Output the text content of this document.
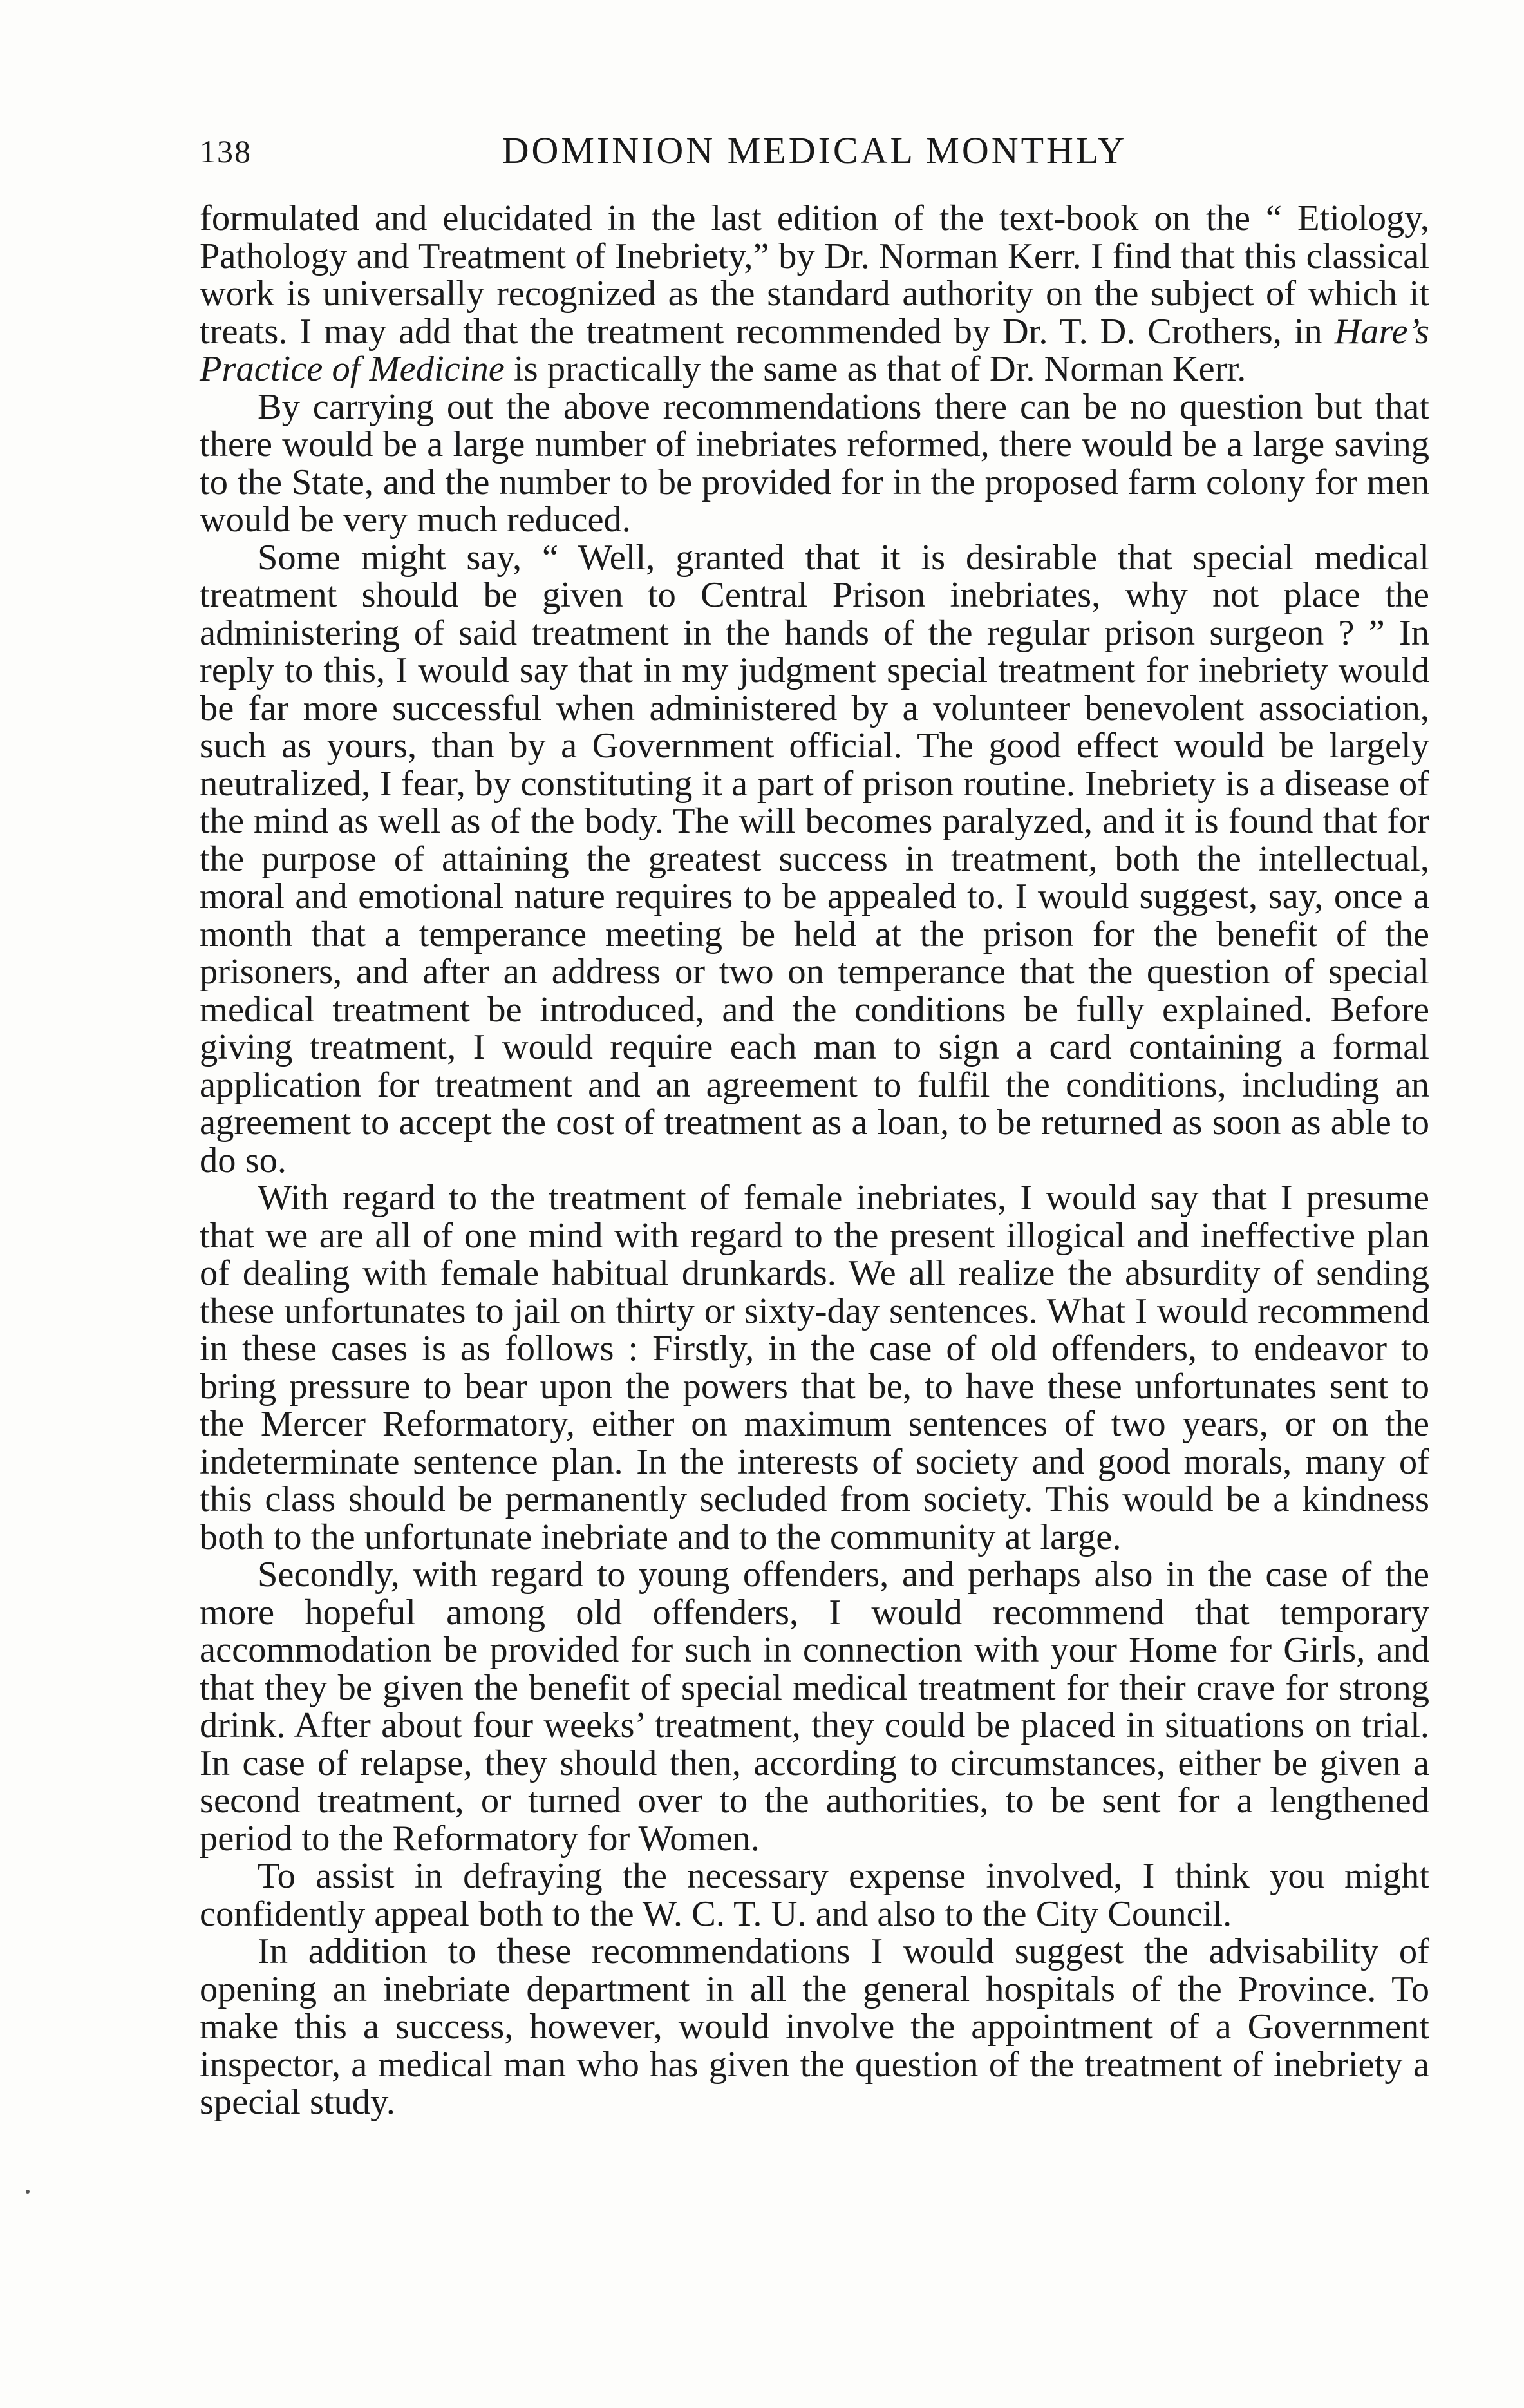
138	DOMINION MEDICAL MONTHLY

formulated and elucidated in the last edition of the text-book on the “ Etiology, Pathology and Treatment of Inebriety,” by Dr. Norman Kerr. I find that this classical work is universally recognized as the standard authority on the subject of which it treats. I may add that the treatment recommended by Dr. T. D. Crothers, in Hare’s Practice of Medicine is practically the same as that of Dr. Norman Kerr.

By carrying out the above recommendations there can be no question but that there would be a large number of inebriates reformed, there would be a large saving to the State, and the number to be provided for in the proposed farm colony for men would be very much reduced.

Some might say, “ Well, granted that it is desirable that special medical treatment should be given to Central Prison inebriates, why not place the administering of said treatment in the hands of the regular prison surgeon ? ” In reply to this, I would say that in my judgment special treatment for inebriety would be far more successful when administered by a volunteer benevolent association, such as yours, than by a Government official. The good effect would be largely neutralized, I fear, by constituting it a part of prison routine. Inebriety is a disease of the mind as well as of the body. The will becomes paralyzed, and it is found that for the purpose of attaining the greatest success in treatment, both the intellectual, moral and emotional nature requires to be appealed to. I would suggest, say, once a month that a temperance meeting be held at the prison for the benefit of the prisoners, and after an address or two on temperance that the question of special medical treatment be introduced, and the conditions be fully explained. Before giving treatment, I would require each man to sign a card containing a formal application for treatment and an agreement to fulfil the conditions, including an agreement to accept the cost of treatment as a loan, to be returned as soon as able to do so.

With regard to the treatment of female inebriates, I would say that I presume that we are all of one mind with regard to the present illogical and ineffective plan of dealing with female habitual drunkards. We all realize the absurdity of sending these unfortunates to jail on thirty or sixty-day sentences. What I would recommend in these cases is as follows : Firstly, in the case of old offenders, to endeavor to bring pressure to bear upon the powers that be, to have these unfortunates sent to the Mercer Reformatory, either on maximum sentences of two years, or on the indeterminate sentence plan. In the interests of society and good morals, many of this class should be permanently secluded from society. This would be a kindness both to the unfortunate inebriate and to the community at large.

Secondly, with regard to young offenders, and perhaps also in the case of the more hopeful among old offenders, I would recommend that temporary accommodation be provided for such in connection with your Home for Girls, and that they be given the benefit of special medical treatment for their crave for strong drink. After about four weeks’ treatment, they could be placed in situations on trial. In case of relapse, they should then, according to circumstances, either be given a second treatment, or turned over to the authorities, to be sent for a lengthened period to the Reformatory for Women.

To assist in defraying the necessary expense involved, I think you might confidently appeal both to the W. C. T. U. and also to the City Council.

In addition to these recommendations I would suggest the advisability of opening an inebriate department in all the general hospitals of the Province. To make this a success, however, would involve the appointment of a Government inspector, a medical man who has given the question of the treatment of inebriety a special study.
